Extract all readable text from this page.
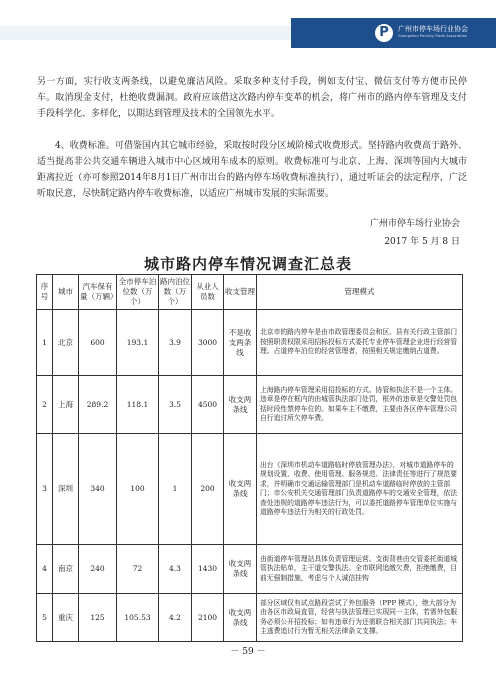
P	广州市停车场行业协会
Guangzhou Parking Trade Association

另一方面，实行收支两条线，以避免廉洁风险。采取多种支付手段，例如支付宝、微信支付等方便市民停车。取消现金支付，杜绝收费漏洞。政府应该借这次路内停车变革的机会，将广州市的路内停车管理及支付手段科学化、多样化，以期达到管理及技术的全国领先水平。

4、收费标准。可借鉴国内其它城市经验，采取按时段分区域阶梯式收费形式。坚持路内收费高于路外、适当提高非公共交通车辆进入城市中心区域用车成本的原则。收费标准可与北京、上海、深圳等国内大城市距离拉近（亦可参照2014年8月1日广州市出台的路内停车场收费标准执行），通过听证会的法定程序，广泛听取民意，尽快制定路内停车收费标准，以适应广州城市发展的实际需要。

广州市停车场行业协会
2017 年 5 月 8 日
城市路内停车情况调查汇总表
序号	城市	汽车保有量（万辆）	全市停车泊位数（万个）	路内泊位数（万个）	从业人员数	收支管理	管理模式
1	北京	600	193.1	3.9	3000	不是收支两条线	北京市的路内停车是由市政管理委员会和区、县有关行政主管部门按照职责权限采用招标投标方式委托专业停车管理企业进行经营管理。占道停车泊位的经营管理者，按照相关规定缴纳占道费。
2	上海	289.2	118.1	3.5	4500	收支两条线	上海路内停车管理采用招投标的方式。协管和执法不是一个主体。违章是停在框内的由城管执法部门处罚，框外的违章是交警处罚包括时段性禁停车位的。如果车主不缴费，主要由各区停车管理公司自行追讨所欠停车费。
3	深圳	340	100	1	200	收支两条线	出台《深圳市机动车道路临时停放管理办法》，对城市道路停车的规划设置、收费、使用管理、服务规范、法律责任等进行了规范要求，并明确市交通运输管理部门是机动车道路临时停放的主管部门；市公安机关交通管理部门负责道路停车的交通安全管理，依法查处违规的道路停车违法行为，可以委托道路停车管理单位实施与道路停车违法行为相关的行政处罚。
4	南京	240	72	4.3	1430	收支两条线	由街道停车管理站具体负责管理运营。支街背巷由交管委托街道城管执法贴单，主干道交警执法。全市联网追缴欠费，拒绝缴费，目前无强制措施，考虑与个人诚信挂钩
5	重庆	125	105.53	4.2	2100	收支两条线	部分区域仅有试点路段尝试了外包服务（PPP 模式），绝大部分为由各区市政局直管，经营与执法管理已实现同一主体，若需外包服务必须公开招投标；如有违章行为还需联合相关部门共同执法；车主逃费追讨行为暂无相关法律条文支撑。
－ 59 －
